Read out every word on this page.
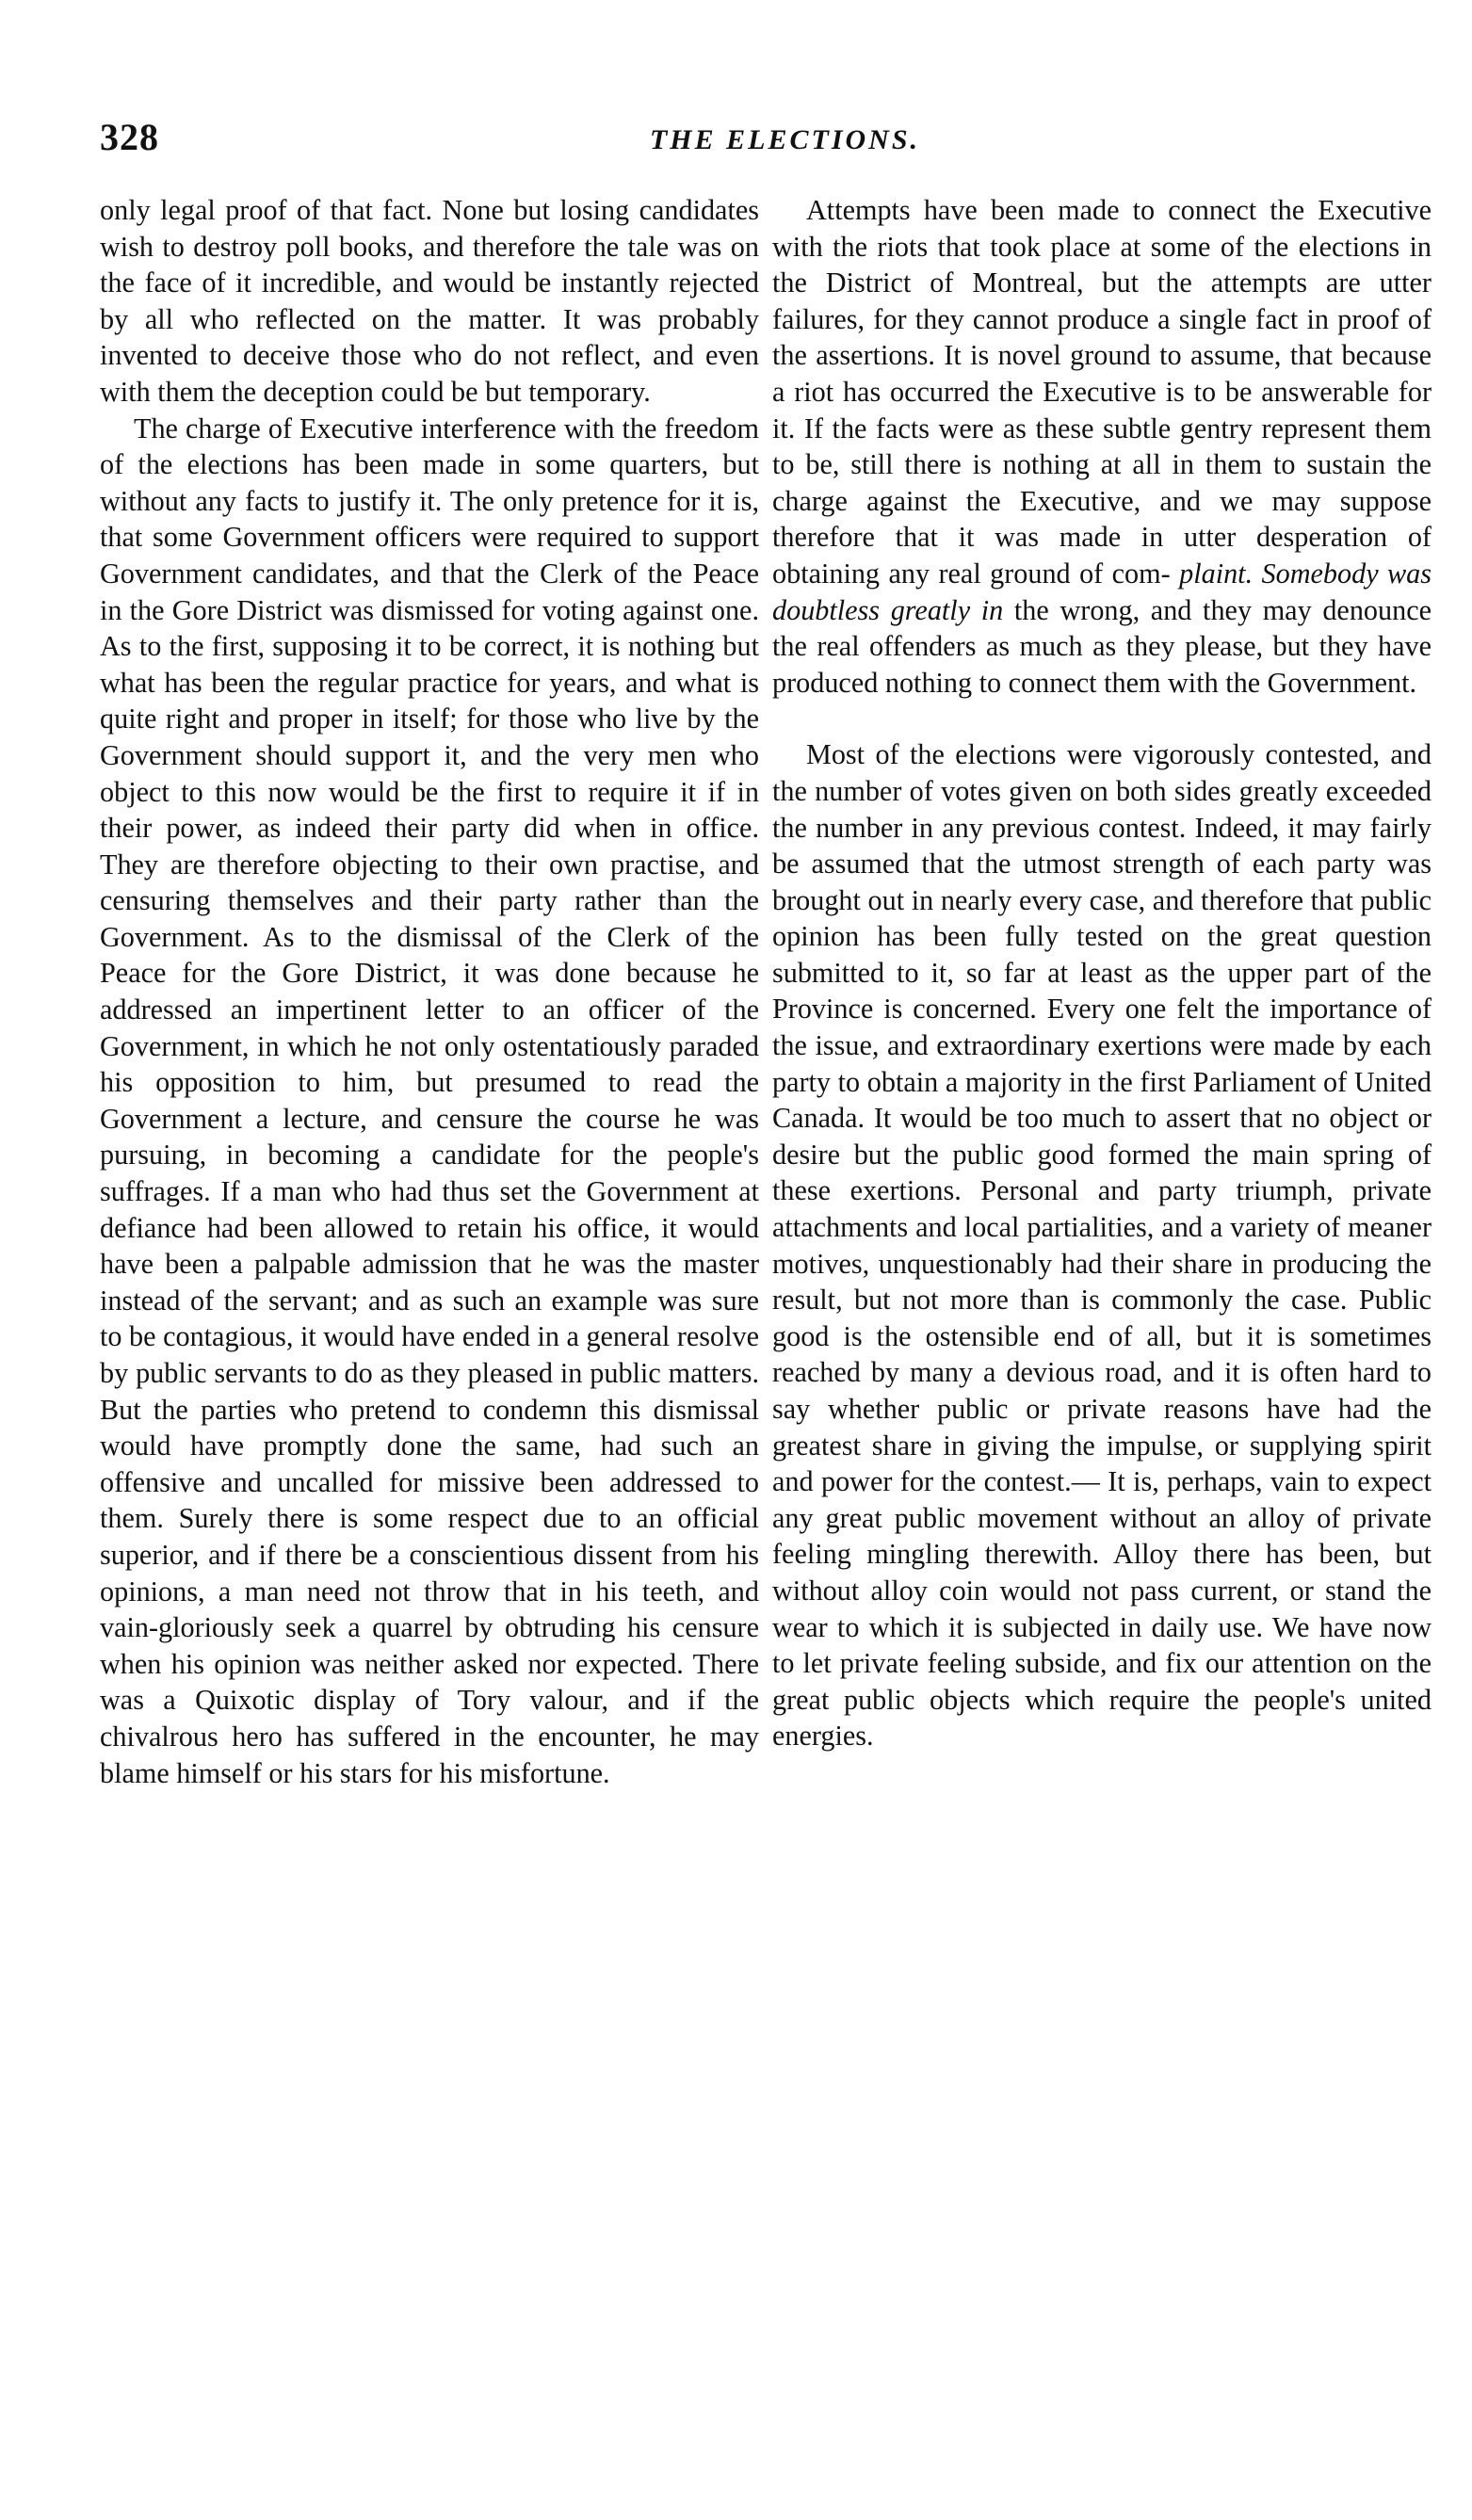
328	THE ELECTIONS.

only legal proof of that fact. None but losing candidates wish to destroy poll books, and therefore the tale was on the face of it incredible, and would be instantly rejected by all who reflected on the matter. It was probably invented to deceive those who do not reflect, and even with them the deception could be but temporary.

The charge of Executive interference with the freedom of the elections has been made in some quarters, but without any facts to justify it. The only pretence for it is, that some Government officers were required to support Government candidates, and that the Clerk of the Peace in the Gore District was dismissed for voting against one. As to the first, supposing it to be correct, it is nothing but what has been the regular practice for years, and what is quite right and proper in itself; for those who live by the Government should support it, and the very men who object to this now would be the first to require it if in their power, as indeed their party did when in office. They are therefore objecting to their own practise, and censuring themselves and their party rather than the Government. As to the dismissal of the Clerk of the Peace for the Gore District, it was done because he addressed an impertinent letter to an officer of the Government, in which he not only ostentatiously paraded his opposition to him, but presumed to read the Government a lecture, and censure the course he was pursuing, in becoming a candidate for the people's suffrages. If a man who had thus set the Government at defiance had been allowed to retain his office, it would have been a palpable admission that he was the master instead of the servant; and as such an example was sure to be contagious, it would have ended in a general resolve by public servants to do as they pleased in public matters. But the parties who pretend to condemn this dismissal would have promptly done the same, had such an offensive and uncalled for missive been addressed to them. Surely there is some respect due to an official superior, and if there be a conscientious dissent from his opinions, a man need not throw that in his teeth, and vain-gloriously seek a quarrel by obtruding his censure when his opinion was neither asked nor expected. There was a Quixotic display of Tory valour, and if the chivalrous hero has suffered in the encounter, he may blame himself or his stars for his misfortune.

Attempts have been made to connect the Executive with the riots that took place at some of the elections in the District of Montreal, but the attempts are utter failures, for they cannot produce a single fact in proof of the assertions. It is novel ground to assume, that because a riot has occurred the Executive is to be answerable for it. If the facts were as these subtle gentry represent them to be, still there is nothing at all in them to sustain the charge against the Executive, and we may suppose therefore that it was made in utter desperation of obtaining any real ground of com- plaint. Somebody was doubtless greatly in the wrong, and they may denounce the real offenders as much as they please, but they have produced nothing to connect them with the Government.

Most of the elections were vigorously contested, and the number of votes given on both sides greatly exceeded the number in any previous contest. Indeed, it may fairly be assumed that the utmost strength of each party was brought out in nearly every case, and therefore that public opinion has been fully tested on the great question submitted to it, so far at least as the upper part of the Province is concerned. Every one felt the importance of the issue, and extraordinary exertions were made by each party to obtain a majority in the first Parliament of United Canada. It would be too much to assert that no object or desire but the public good formed the main spring of these exertions. Personal and party triumph, private attachments and local partialities, and a variety of meaner motives, unquestionably had their share in producing the result, but not more than is commonly the case. Public good is the ostensible end of all, but it is sometimes reached by many a devious road, and it is often hard to say whether public or private reasons have had the greatest share in giving the impulse, or supplying spirit and power for the contest.— It is, perhaps, vain to expect any great public movement without an alloy of private feeling mingling therewith. Alloy there has been, but without alloy coin would not pass current, or stand the wear to which it is subjected in daily use. We have now to let private feeling subside, and fix our attention on the great public objects which require the people's united energies.
